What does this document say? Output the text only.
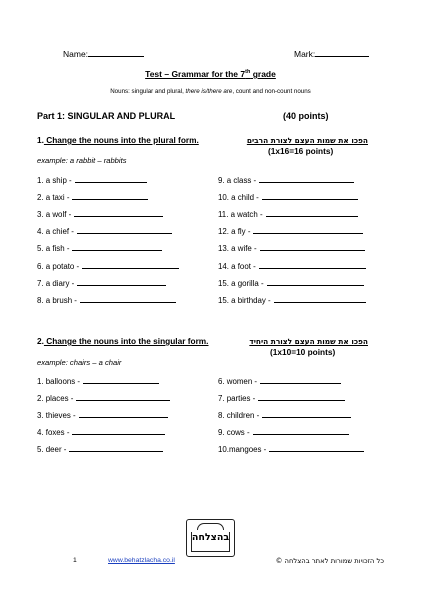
Name:	Mark:
Test – Grammar for the 7th grade
Nouns: singular and plural, there is/there are, count and non-count nouns
Part 1: SINGULAR AND PLURAL	(40 points)
1. Change the nouns into the plural form.	הפכו את שמות העצם לצורת הרבים
(1x16=16 points)
example: a rabbit – rabbits
1. a ship -
2. a taxi -
3. a wolf -
4. a chief -
5. a fish -
6. a potato -
7. a diary -
8. a brush -
9. a class -
10. a child -
11. a watch -
12. a fly -
13. a wife -
14. a foot -
15. a gorilla -
15. a birthday -
2. Change the nouns into the singular form.	הפכו את שמות העצם לצורת היחיד
(1x10=10 points)
example: chairs – a chair
1. balloons -
2. places -
3. thieves -
4. foxes -
5. deer -
6. women -
7. parties -
8. children -
9. cows -
10.mangoes -
בהצלחה
1	www.behatzlacha.co.il	כל הזכויות שמורות לאתר בהצלחה ©
